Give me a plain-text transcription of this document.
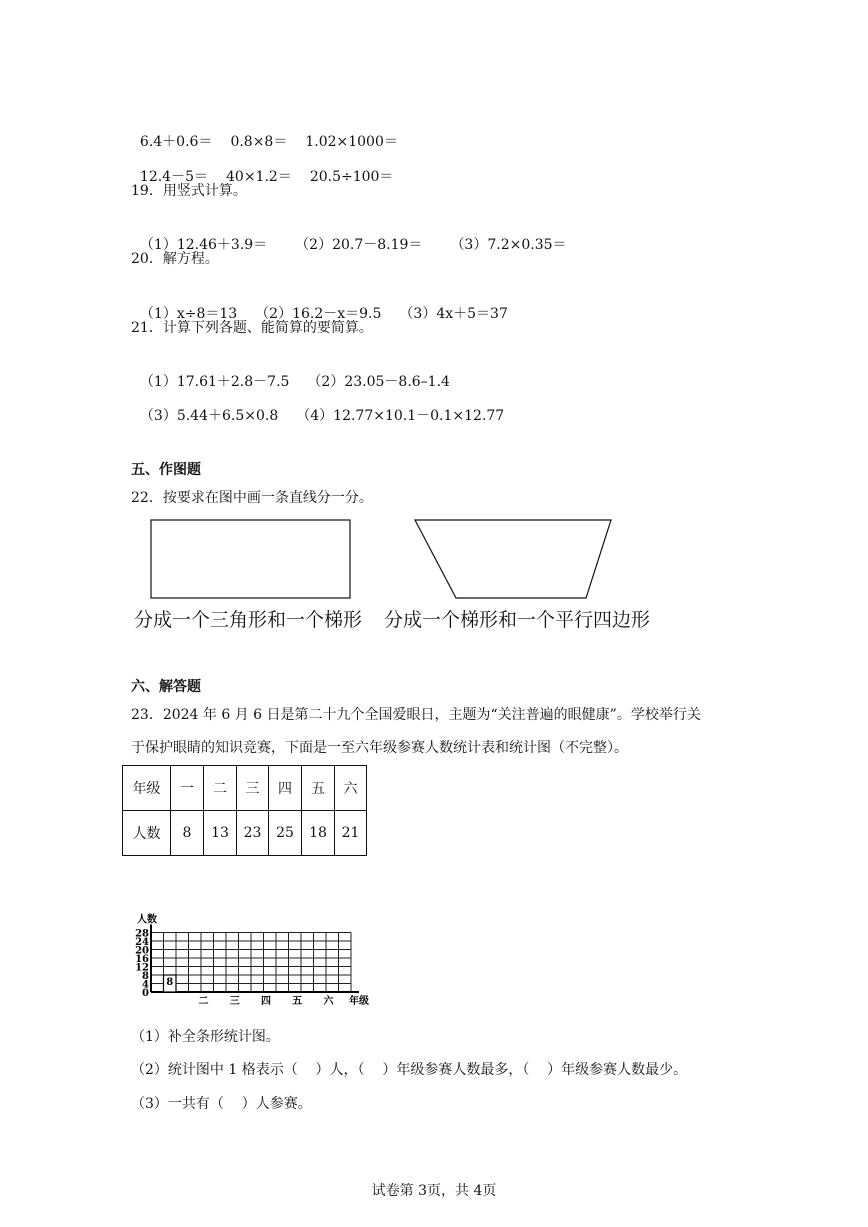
6.4＋0.6＝ 0.8×8＝ 1.02×1000＝

12.4－5＝ 40×1.2＝ 20.5÷100＝

19．用竖式计算。

（1）12.46＋3.9＝ （2）20.7－8.19＝ （3）7.2×0.35＝

20．解方程。

（1）x÷8＝13 （2）16.2－x＝9.5 （3）4x＋5＝37

21．计算下列各题、能简算的要简算。

（1）17.61＋2.8－7.5 （2）23.05－8.6–1.4

（3）5.44＋6.5×0.8 （4）12.77×10.1－0.1×12.77

五、作图题
22．按要求在图中画一条直线分一分。
分成一个三角形和一个梯形 分成一个梯形和一个平行四边形
六、解答题
23．2024 年 6 月 6 日是第二十九个全国爱眼日，主题为“关注普遍的眼健康”。学校举行关
于保护眼睛的知识竞赛，下面是一至六年级参赛人数统计表和统计图（不完整）。
年级	一	二	三	四	五	六
人数	8	13	23	25	18	21
28
24
20
16
12
8
4
0
人数
8
二 三 四 五 六 年级
（1）补全条形统计图。
（2）统计图中 1 格表示（    ）人，（    ）年级参赛人数最多，（    ）年级参赛人数最少。
（3）一共有（    ）人参赛。
试卷第 3页，共 4页
